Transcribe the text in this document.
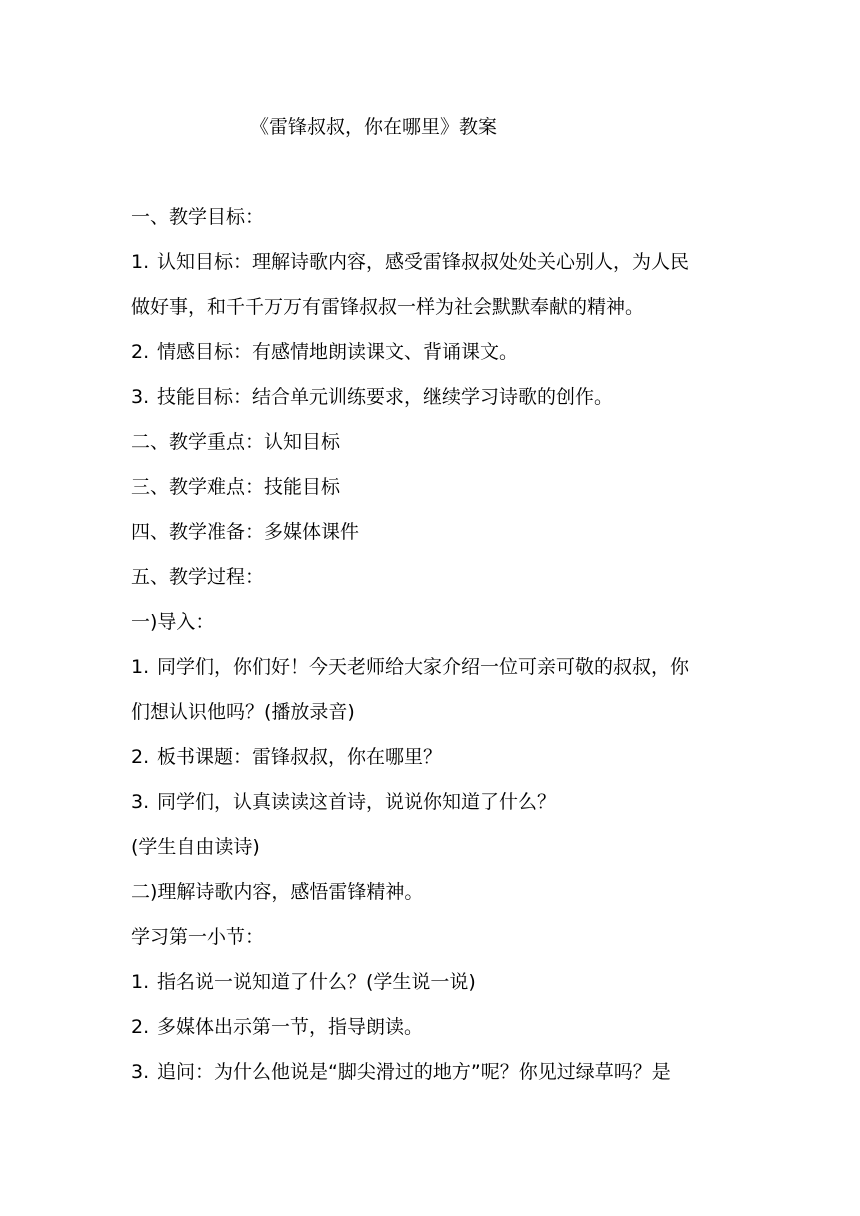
《雷锋叔叔，你在哪里》教案
一、教学目标：
1. 认知目标：理解诗歌内容，感受雷锋叔叔处处关心别人，为人民
做好事，和千千万万有雷锋叔叔一样为社会默默奉献的精神。
2. 情感目标：有感情地朗读课文、背诵课文。
3. 技能目标：结合单元训练要求，继续学习诗歌的创作。
二、教学重点：认知目标
三、教学难点：技能目标
四、教学准备：多媒体课件
五、教学过程：
一)导入：
1. 同学们，你们好！今天老师给大家介绍一位可亲可敬的叔叔，你
们想认识他吗？(播放录音)
2. 板书课题：雷锋叔叔，你在哪里？
3. 同学们，认真读读这首诗，说说你知道了什么？
(学生自由读诗)
二)理解诗歌内容，感悟雷锋精神。
学习第一小节：
1. 指名说一说知道了什么？(学生说一说)
2. 多媒体出示第一节，指导朗读。
3. 追问：为什么他说是“脚尖滑过的地方”呢？你见过绿草吗？是
